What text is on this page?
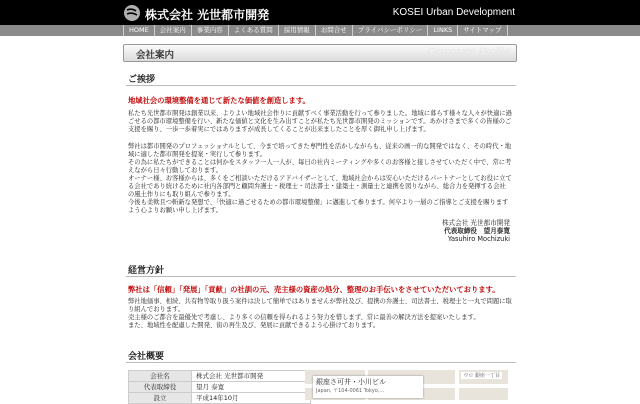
株式会社 光世都市開発	KOSEI Urban Development
HOME	会社案内	事業内容	よくある質問	採用情報	お問合せ	プライバシーポリシー	LINKS	サイトマップ
会社案内	Corporate Profile
ご挨拶
地域社会の環境整備を通じて新たな価値を創造します。

私たち光世都市開発は創業以来、よりよい地域社会作りに貢献すべく事業活動を行って参りました。地域に暮らす様々な人々が快適に過ごせるの都市環境整備を行い、新たな価値と文化を生み出すことが私たち光世都市開発のミッションです。あかけさまで多くの皆様のご支援を賜り、一歩一歩着実にではありますが成長してくることが出来ましたことを厚く御礼申し上げます。

弊社は都市開発のプロフェッショナルとして、今まで培ってきた専門性を活かしながらも、従来の画一的な開発ではなく、その時代・地域に適した都市開発を提案・実行して参ります。

その為に私たちができることは何かをスタッフ一人一人が、毎日の社内ミーティングや多くのお客様と接しさせていただく中で、常に考えながら日々行動しております。

オーナー様、お客様からは、多くをご相談いただけるアドバイザーとして、地域社会からは安心いただけるパートナーとしてお役に立てる会社であり続けるために社内各部門と顧問弁護士・税理士・司法書士・建築士・測量士と連携を図りながら、総合力を発揮する会社の風土作りにも取り組んで参ります。

今後も柔軟且つ斬新な発想で、「快適に過ごせるための都市環境整備」に邁進して参ります。何卒より一層のご指導とご支援を賜りますよう心よりお願い申し上げます。

株式会社 光世都市開発
代表取締役　望月泰寛
Yasuhiro Mochizuki
経営方針
弊社は「信頼」「発展」「貢献」の社訓の元、売主様の資産の処分、整理のお手伝いをさせていただいております。

弊社地価事、相続、共有物等取り扱う案件は決して簡単ではありませんが弊社及び、提携の弁護士、司法書士、税理士と一丸で問題に取り組んでおります。

売主様のご都合を最優先で考慮し、より多くの信頼を得られるよう努力を惜しまず、常に最善の解決方法を提案いたします。

また、地域性を配慮した開発、街の再生及び、発展に貢献できるよう心掛けております。

会社概要
会社名	株式会社 光世都市開発
代表取締役	望月 泰寛
設立	平成14年10月
銀座さ可井・小川ビル
Japan, 〒104-0061 Tokyo,...
ウロ 銀座一丁目
